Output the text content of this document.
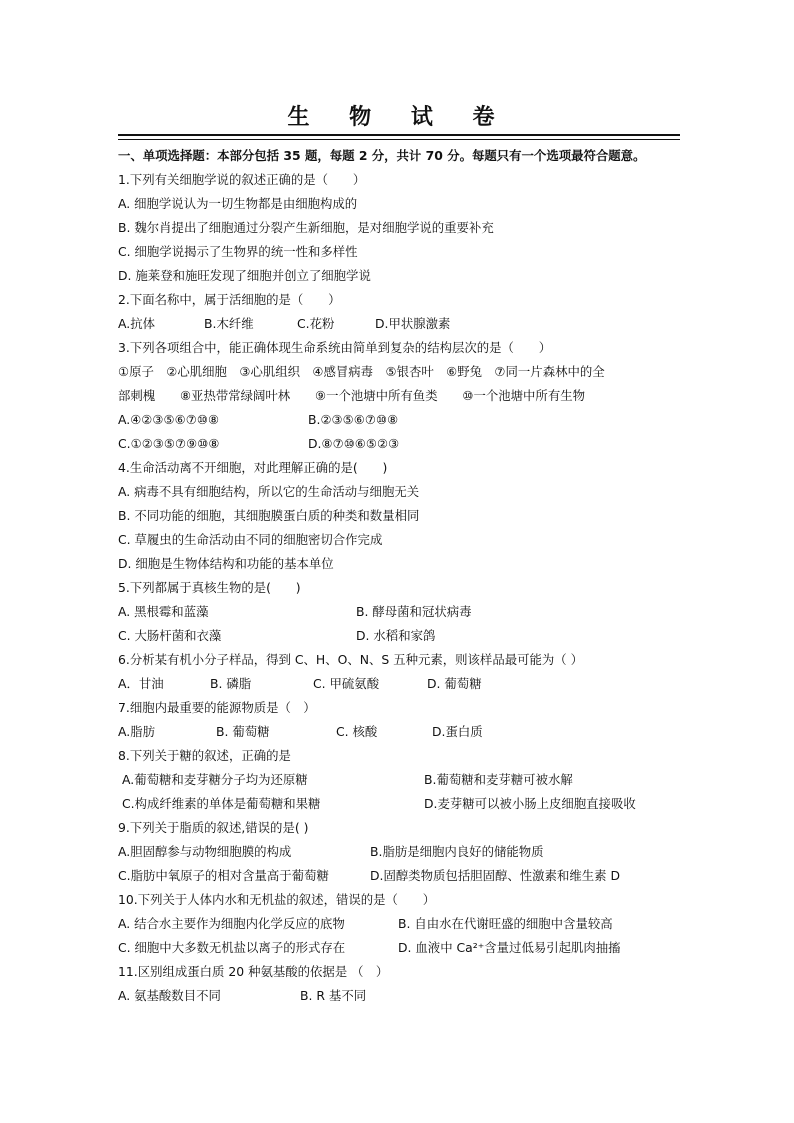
生 物 试 卷
一、单项选择题：本部分包括 35 题，每题 2 分，共计 70 分。每题只有一个选项最符合题意。
1.下列有关细胞学说的叙述正确的是（　　）
A. 细胞学说认为一切生物都是由细胞构成的
B. 魏尔肖提出了细胞通过分裂产生新细胞，是对细胞学说的重要补充
C. 细胞学说揭示了生物界的统一性和多样性
D. 施莱登和施旺发现了细胞并创立了细胞学说
2.下面名称中，属于活细胞的是（　　）
A.抗体	B.木纤维	C.花粉	D.甲状腺激素
3.下列各项组合中，能正确体现生命系统由简单到复杂的结构层次的是（　　）
①原子　②心肌细胞　③心肌组织　④感冒病毒　⑤银杏叶　⑥野兔　⑦同一片森林中的全
部刺槐　　⑧亚热带常绿阔叶林　　⑨一个池塘中所有鱼类　　⑩一个池塘中所有生物
A.④②③⑤⑥⑦⑩⑧	B.②③⑤⑥⑦⑩⑧
C.①②③⑤⑦⑨⑩⑧	D.⑧⑦⑩⑥⑤②③
4.生命活动离不开细胞，对此理解正确的是(　　)
A. 病毒不具有细胞结构，所以它的生命活动与细胞无关
B. 不同功能的细胞，其细胞膜蛋白质的种类和数量相同
C. 草履虫的生命活动由不同的细胞密切合作完成
D. 细胞是生物体结构和功能的基本单位
5.下列都属于真核生物的是(　　)
A. 黑根霉和蓝藻	B. 酵母菌和冠状病毒
C. 大肠杆菌和衣藻	D. 水稻和家鸽
6.分析某有机小分子样品，得到 C、H、O、N、S 五种元素，则该样品最可能为（ ）
A．甘油	B. 磷脂	C. 甲硫氨酸	D. 葡萄糖
7.细胞内最重要的能源物质是（　）
A.脂肪	B. 葡萄糖	C. 核酸	D.蛋白质
8.下列关于糖的叙述，正确的是
A.葡萄糖和麦芽糖分子均为还原糖	B.葡萄糖和麦芽糖可被水解
C.构成纤维素的单体是葡萄糖和果糖	D.麦芽糖可以被小肠上皮细胞直接吸收
9.下列关于脂质的叙述,错误的是( )
A.胆固醇参与动物细胞膜的构成	B.脂肪是细胞内良好的储能物质
C.脂肪中氧原子的相对含量高于葡萄糖	D.固醇类物质包括胆固醇、性激素和维生素 D
10.下列关于人体内水和无机盐的叙述，错误的是（　　）
A. 结合水主要作为细胞内化学反应的底物	B. 自由水在代谢旺盛的细胞中含量较高
C. 细胞中大多数无机盐以离子的形式存在	D. 血液中 Ca²⁺含量过低易引起肌肉抽搐
11.区别组成蛋白质 20 种氨基酸的依据是 （　）
A. 氨基酸数目不同	B. R 基不同
